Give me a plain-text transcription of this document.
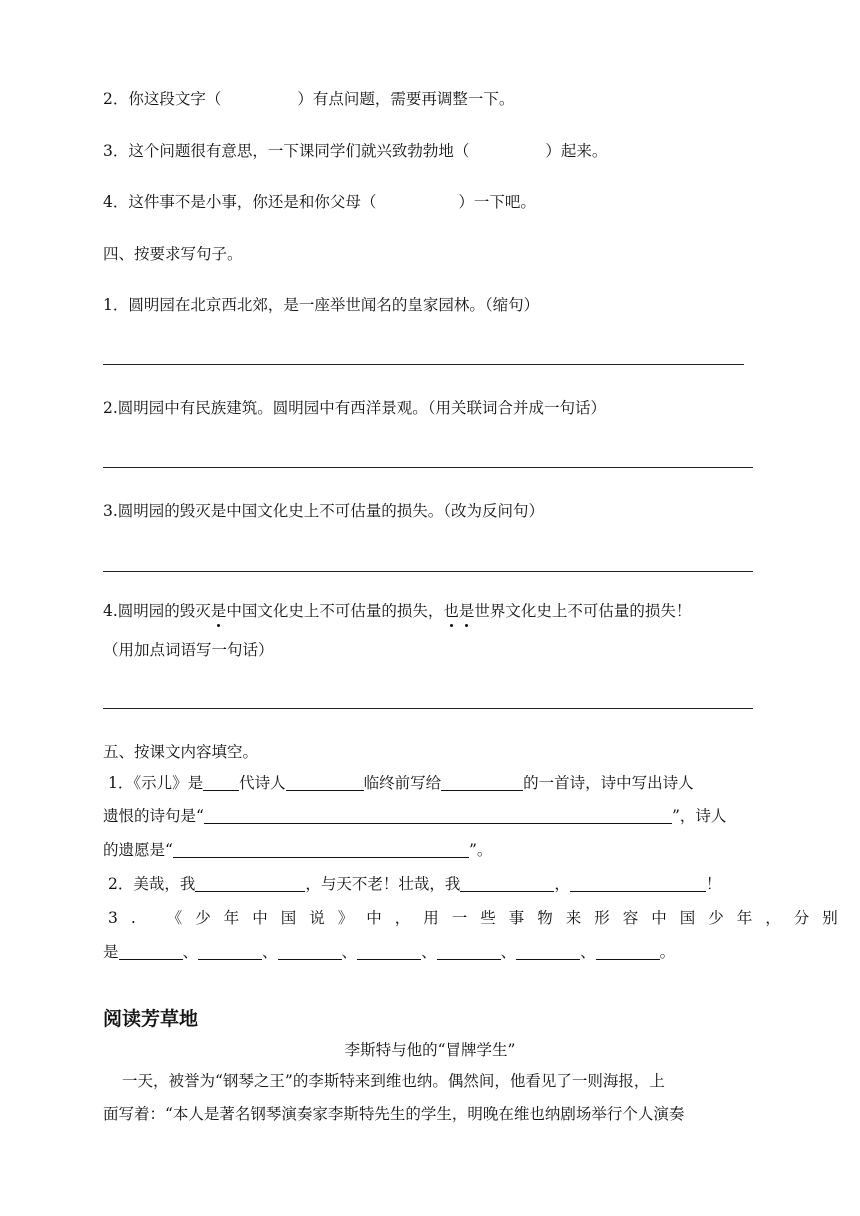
2．你这段文字（	）有点问题，需要再调整一下。
3．这个问题很有意思，一下课同学们就兴致勃勃地（	）起来。
4．这件事不是小事，你还是和你父母（	）一下吧。
四、按要求写句子。
1．圆明园在北京西北郊，是一座举世闻名的皇家园林。（缩句）
2.圆明园中有民族建筑。圆明园中有西洋景观。（用关联词合并成一句话）
3.圆明园的毁灭是中国文化史上不可估量的损失。（改为反问句）
4.圆明园的毁灭是中国文化史上不可估量的损失，也是世界文化史上不可估量的损失！
（用加点词语写一句话）
五、按课文内容填空。
1．《示儿》是 代诗人	临终前写给	的一首诗，诗中写出诗人
遗恨的诗句是“	”，诗人
的遗愿是“	”。
2．美哉，我	，与天不老！壮哉，我	，	！
3. 《少年中国说》中，用一些事物来形容中国少年，分别
是	、	、	、	、	、	、	。
阅读芳草地
李斯特与他的“冒牌学生”
一天，被誉为“钢琴之王”的李斯特来到维也纳。偶然间，他看见了一则海报，上
面写着：“本人是著名钢琴演奏家李斯特先生的学生，明晚在维也纳剧场举行个人演奏
